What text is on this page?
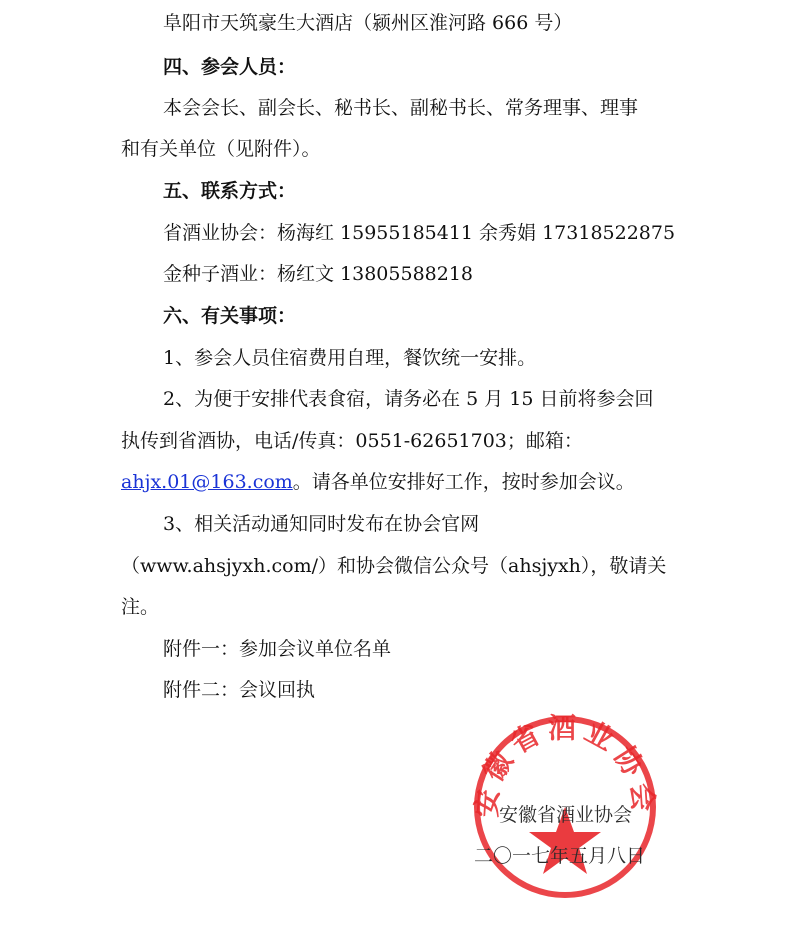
阜阳市天筑豪生大酒店（颍州区淮河路 666 号）
四、参会人员：
本会会长、副会长、秘书长、副秘书长、常务理事、理事
和有关单位（见附件）。
五、联系方式：
省酒业协会：杨海红 15955185411 余秀娟 17318522875
金种子酒业：杨红文 13805588218
六、有关事项：
1、参会人员住宿费用自理，餐饮统一安排。
2、为便于安排代表食宿，请务必在 5 月 15 日前将参会回
执传到省酒协，电话/传真：0551-62651703；邮箱：
ahjx.01@163.com。请各单位安排好工作，按时参加会议。
3、相关活动通知同时发布在协会官网
（www.ahsjyxh.com/）和协会微信公众号（ahsjyxh），敬请关
注。
附件一：参加会议单位名单
附件二：会议回执
安徽省酒业协会
安徽省酒业协会
二〇一七年五月八日
